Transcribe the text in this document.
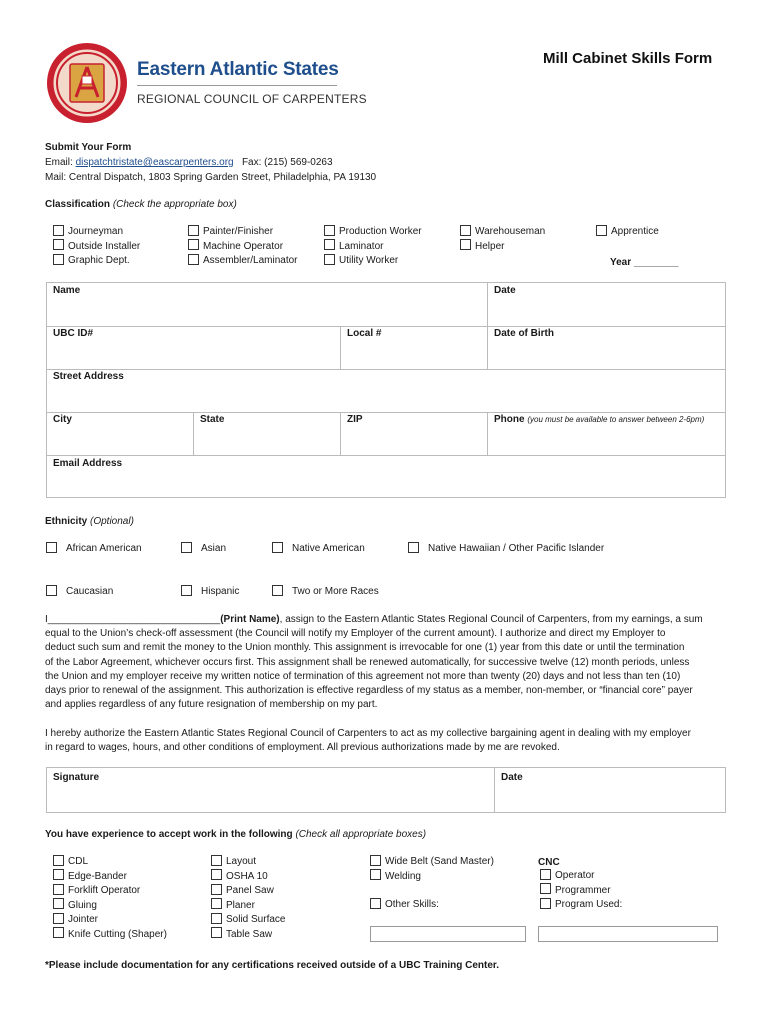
Eastern Atlantic States
REGIONAL COUNCIL OF CARPENTERS
Mill Cabinet Skills Form
Submit Your Form
Email: dispatchtristate@eascarpenters.org Fax: (215) 569-0263
Mail: Central Dispatch, 1803 Spring Garden Street, Philadelphia, PA 19130
Classification (Check the appropriate box)
Journeyman
Outside Installer
Graphic Dept.
Painter/Finisher
Machine Operator
Assembler/Laminator
Production Worker
Laminator
Utility Worker
Warehouseman
Helper
Apprentice
Year ________
Name	Date
UBC ID#	Local #	Date of Birth
Street Address
City	State	ZIP	Phone (you must be available to answer between 2-6pm)
Email Address
Ethnicity (Optional)
African American	Asian	Native American	Native Hawaiian / Other Pacific Islander
Caucasian	Hispanic	Two or More Races
I_______________________________(Print Name), assign to the Eastern Atlantic States Regional Council of Carpenters, from my earnings, a sum
equal to the Union’s check-off assessment (the Council will notify my Employer of the current amount). I authorize and direct my Employer to
deduct such sum and remit the money to the Union monthly. This assignment is irrevocable for one (1) year from this date or until the termination
of the Labor Agreement, whichever occurs first. This assignment shall be renewed automatically, for successive twelve (12) month periods, unless
the Union and my employer receive my written notice of termination of this agreement not more than twenty (20) days and not less than ten (10)
days prior to renewal of the assignment. This authorization is effective regardless of my status as a member, non-member, or “financial core” payer
and applies regardless of any future resignation of membership on my part.
I hereby authorize the Eastern Atlantic States Regional Council of Carpenters to act as my collective bargaining agent in dealing with my employer
in regard to wages, hours, and other conditions of employment. All previous authorizations made by me are revoked.
Signature	Date
You have experience to accept work in the following (Check all appropriate boxes)
CDL
Edge-Bander
Forklift Operator
Gluing
Jointer
Knife Cutting (Shaper)
Layout
OSHA 10
Panel Saw
Planer
Solid Surface
Table Saw
Wide Belt (Sand Master)
Welding
Other Skills:
CNC
Operator
Programmer
Program Used:
*Please include documentation for any certifications received outside of a UBC Training Center.
